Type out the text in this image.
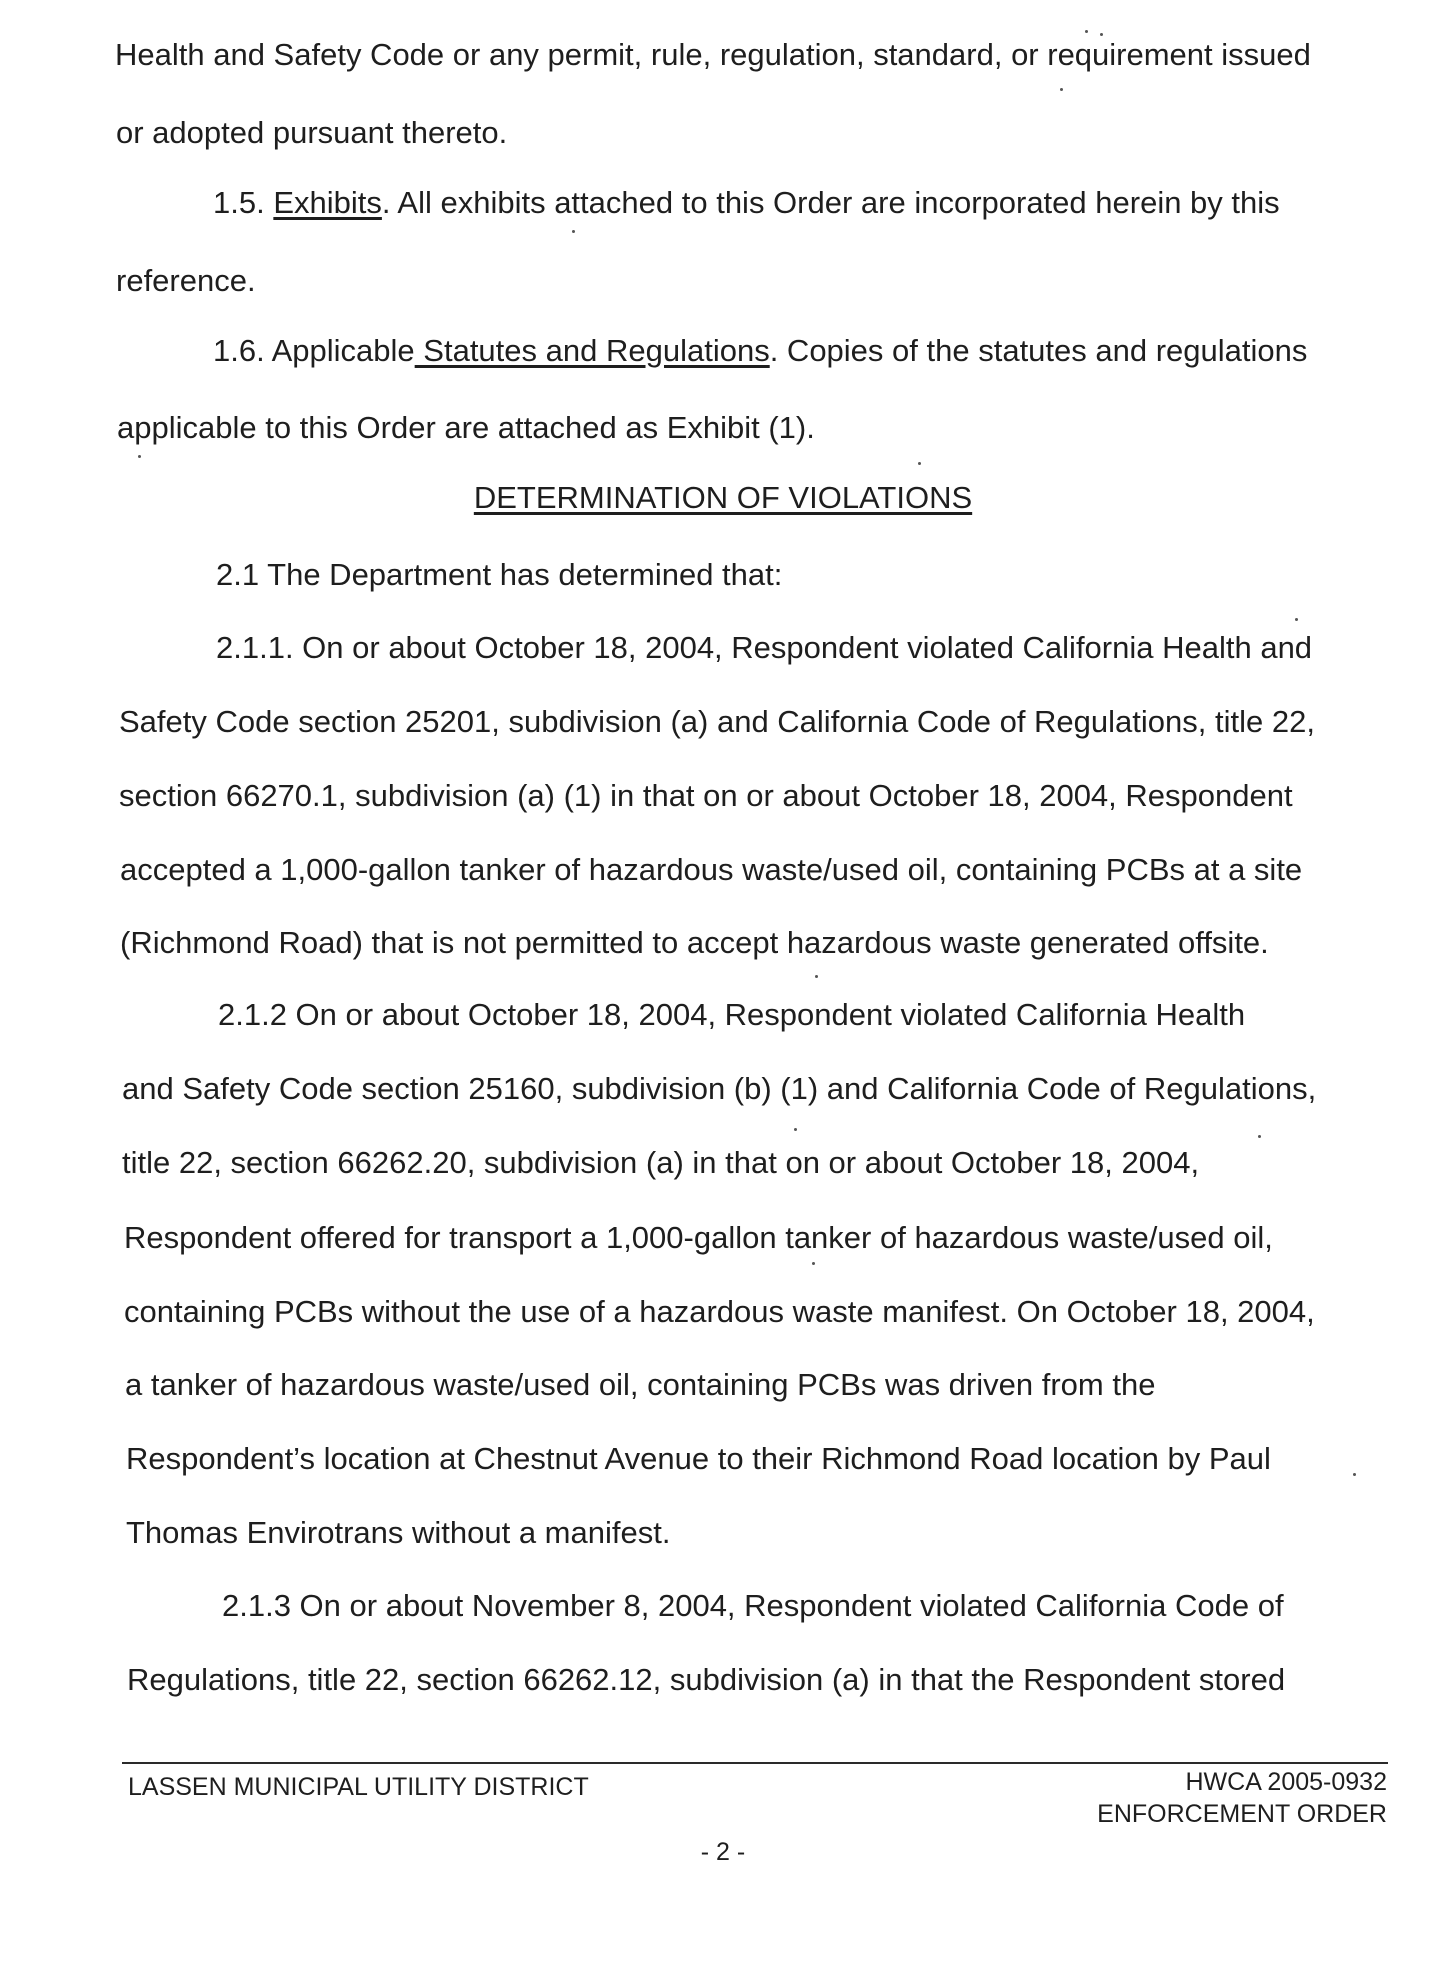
Health and Safety Code or any permit, rule, regulation, standard, or requirement issued
or adopted pursuant thereto.
1.5. Exhibits. All exhibits attached to this Order are incorporated herein by this
reference.
1.6. Applicable Statutes and Regulations. Copies of the statutes and regulations
applicable to this Order are attached as Exhibit (1).
DETERMINATION OF VIOLATIONS
2.1 The Department has determined that:
2.1.1. On or about October 18, 2004, Respondent violated California Health and
Safety Code section 25201, subdivision (a) and California Code of Regulations, title 22,
section 66270.1, subdivision (a) (1) in that on or about October 18, 2004, Respondent
accepted a 1,000-gallon tanker of hazardous waste/used oil, containing PCBs at a site
(Richmond Road) that is not permitted to accept hazardous waste generated offsite.
2.1.2 On or about October 18, 2004, Respondent violated California Health
and Safety Code section 25160, subdivision (b) (1) and California Code of Regulations,
title 22, section 66262.20, subdivision (a) in that on or about October 18, 2004,
Respondent offered for transport a 1,000-gallon tanker of hazardous waste/used oil,
containing PCBs without the use of a hazardous waste manifest. On October 18, 2004,
a tanker of hazardous waste/used oil, containing PCBs was driven from the
Respondent’s location at Chestnut Avenue to their Richmond Road location by Paul
Thomas Envirotrans without a manifest.
2.1.3 On or about November 8, 2004, Respondent violated California Code of
Regulations, title 22, section 66262.12, subdivision (a) in that the Respondent stored
LASSEN MUNICIPAL UTILITY DISTRICT	HWCA 2005-0932
ENFORCEMENT ORDER
- 2 -
